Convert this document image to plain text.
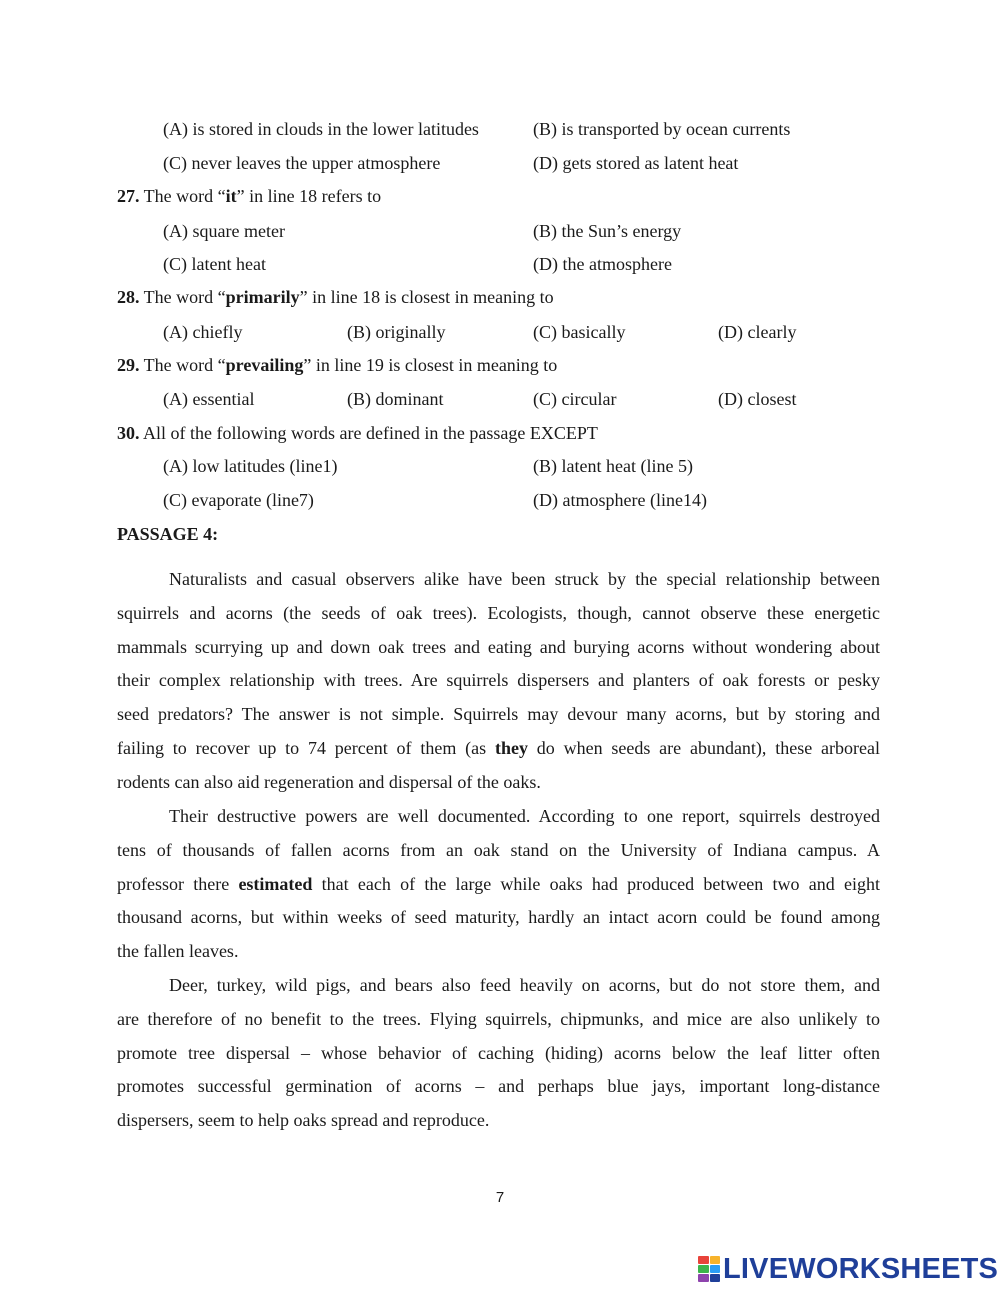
(A) is stored in clouds in the lower latitudes	(B) is transported by ocean currents
(C) never leaves the upper atmosphere	(D) gets stored as latent heat
27. The word “it” in line 18 refers to
(A) square meter	(B) the Sun’s energy
(C) latent heat	(D) the atmosphere
28. The word “primarily” in line 18 is closest in meaning to
(A) chiefly	(B) originally	(C) basically	(D) clearly
29. The word “prevailing” in line 19 is closest in meaning to
(A) essential	(B) dominant	(C) circular	(D) closest
30. All of the following words are defined in the passage EXCEPT
(A) low latitudes (line1)	(B) latent heat (line 5)
(C) evaporate (line7)	(D) atmosphere (line14)
PASSAGE 4:
Naturalists and casual observers alike have been struck by the special relationship between
squirrels and acorns (the seeds of oak trees). Ecologists, though, cannot observe these energetic
mammals scurrying up and down oak trees and eating and burying acorns without wondering about
their complex relationship with trees. Are squirrels dispersers and planters of oak forests or pesky
seed predators? The answer is not simple. Squirrels may devour many acorns, but by storing and
failing to recover up to 74 percent of them (as they do when seeds are abundant), these arboreal
rodents can also aid regeneration and dispersal of the oaks.
Their destructive powers are well documented. According to one report, squirrels destroyed
tens of thousands of fallen acorns from an oak stand on the University of Indiana campus. A
professor there estimated that each of the large while oaks had produced between two and eight
thousand acorns, but within weeks of seed maturity, hardly an intact acorn could be found among
the fallen leaves.
Deer, turkey, wild pigs, and bears also feed heavily on acorns, but do not store them, and
are therefore of no benefit to the trees. Flying squirrels, chipmunks, and mice are also unlikely to
promote tree dispersal – whose behavior of caching (hiding) acorns below the leaf litter often
promotes successful germination of acorns – and perhaps blue jays, important long-distance
dispersers, seem to help oaks spread and reproduce.
7
LIVEWORKSHEETS
